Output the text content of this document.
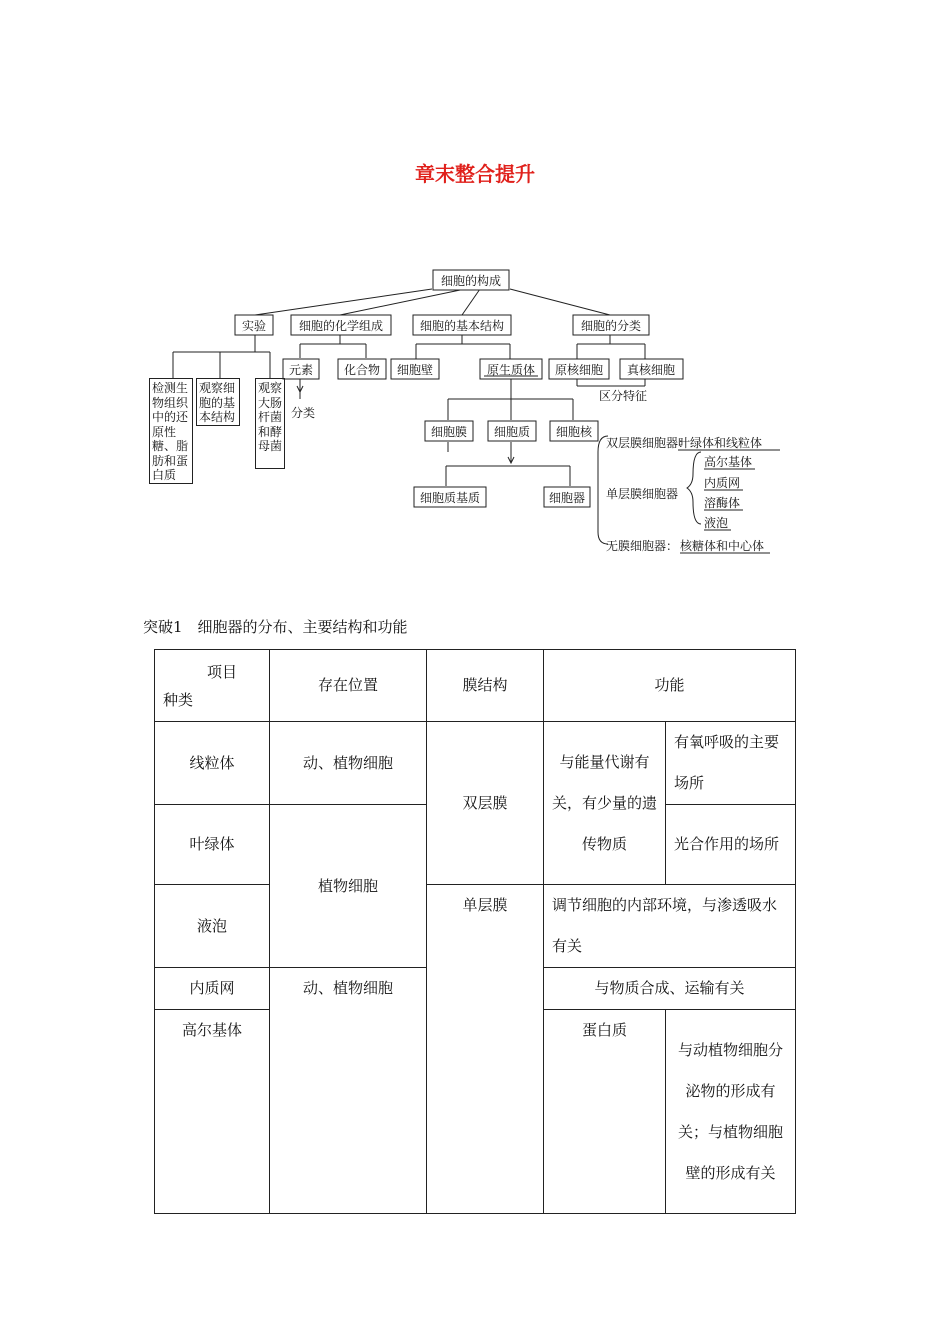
章末整合提升
细胞的构成
实验	细胞的化学组成	细胞的基本结构	细胞的分类
元素	化合物
分类
细胞壁	原生质体 原核细胞 真核细胞
区分特征
细胞膜 细胞质 细胞核
细胞质基质	细胞器
双层膜细胞器：
叶绿体和线粒体
单层膜细胞器
高尔基体
内质网
溶酶体
液泡
无膜细胞器： 核糖体和中心体
检测生物组织中的还原性糖、脂肪和蛋白质
观察细胞的基本结构
观察大肠杆菌和酵母菌
突破1　细胞器的分布、主要结构和功能
项目
种类	存在位置	膜结构	功能	
线粒体	动、植物细胞	双层膜	与能量代谢有关，有少量的遗传物质	有氧呼吸的主要场所
叶绿体	植物细胞			光合作用的场所
液泡		单层膜	调节细胞的内部环境，与渗透吸水有关	
内质网	动、植物细胞		与物质合成、运输有关	
高尔基体			蛋白质	与动植物细胞分泌物的形成有关；与植物细胞壁的形成有关
